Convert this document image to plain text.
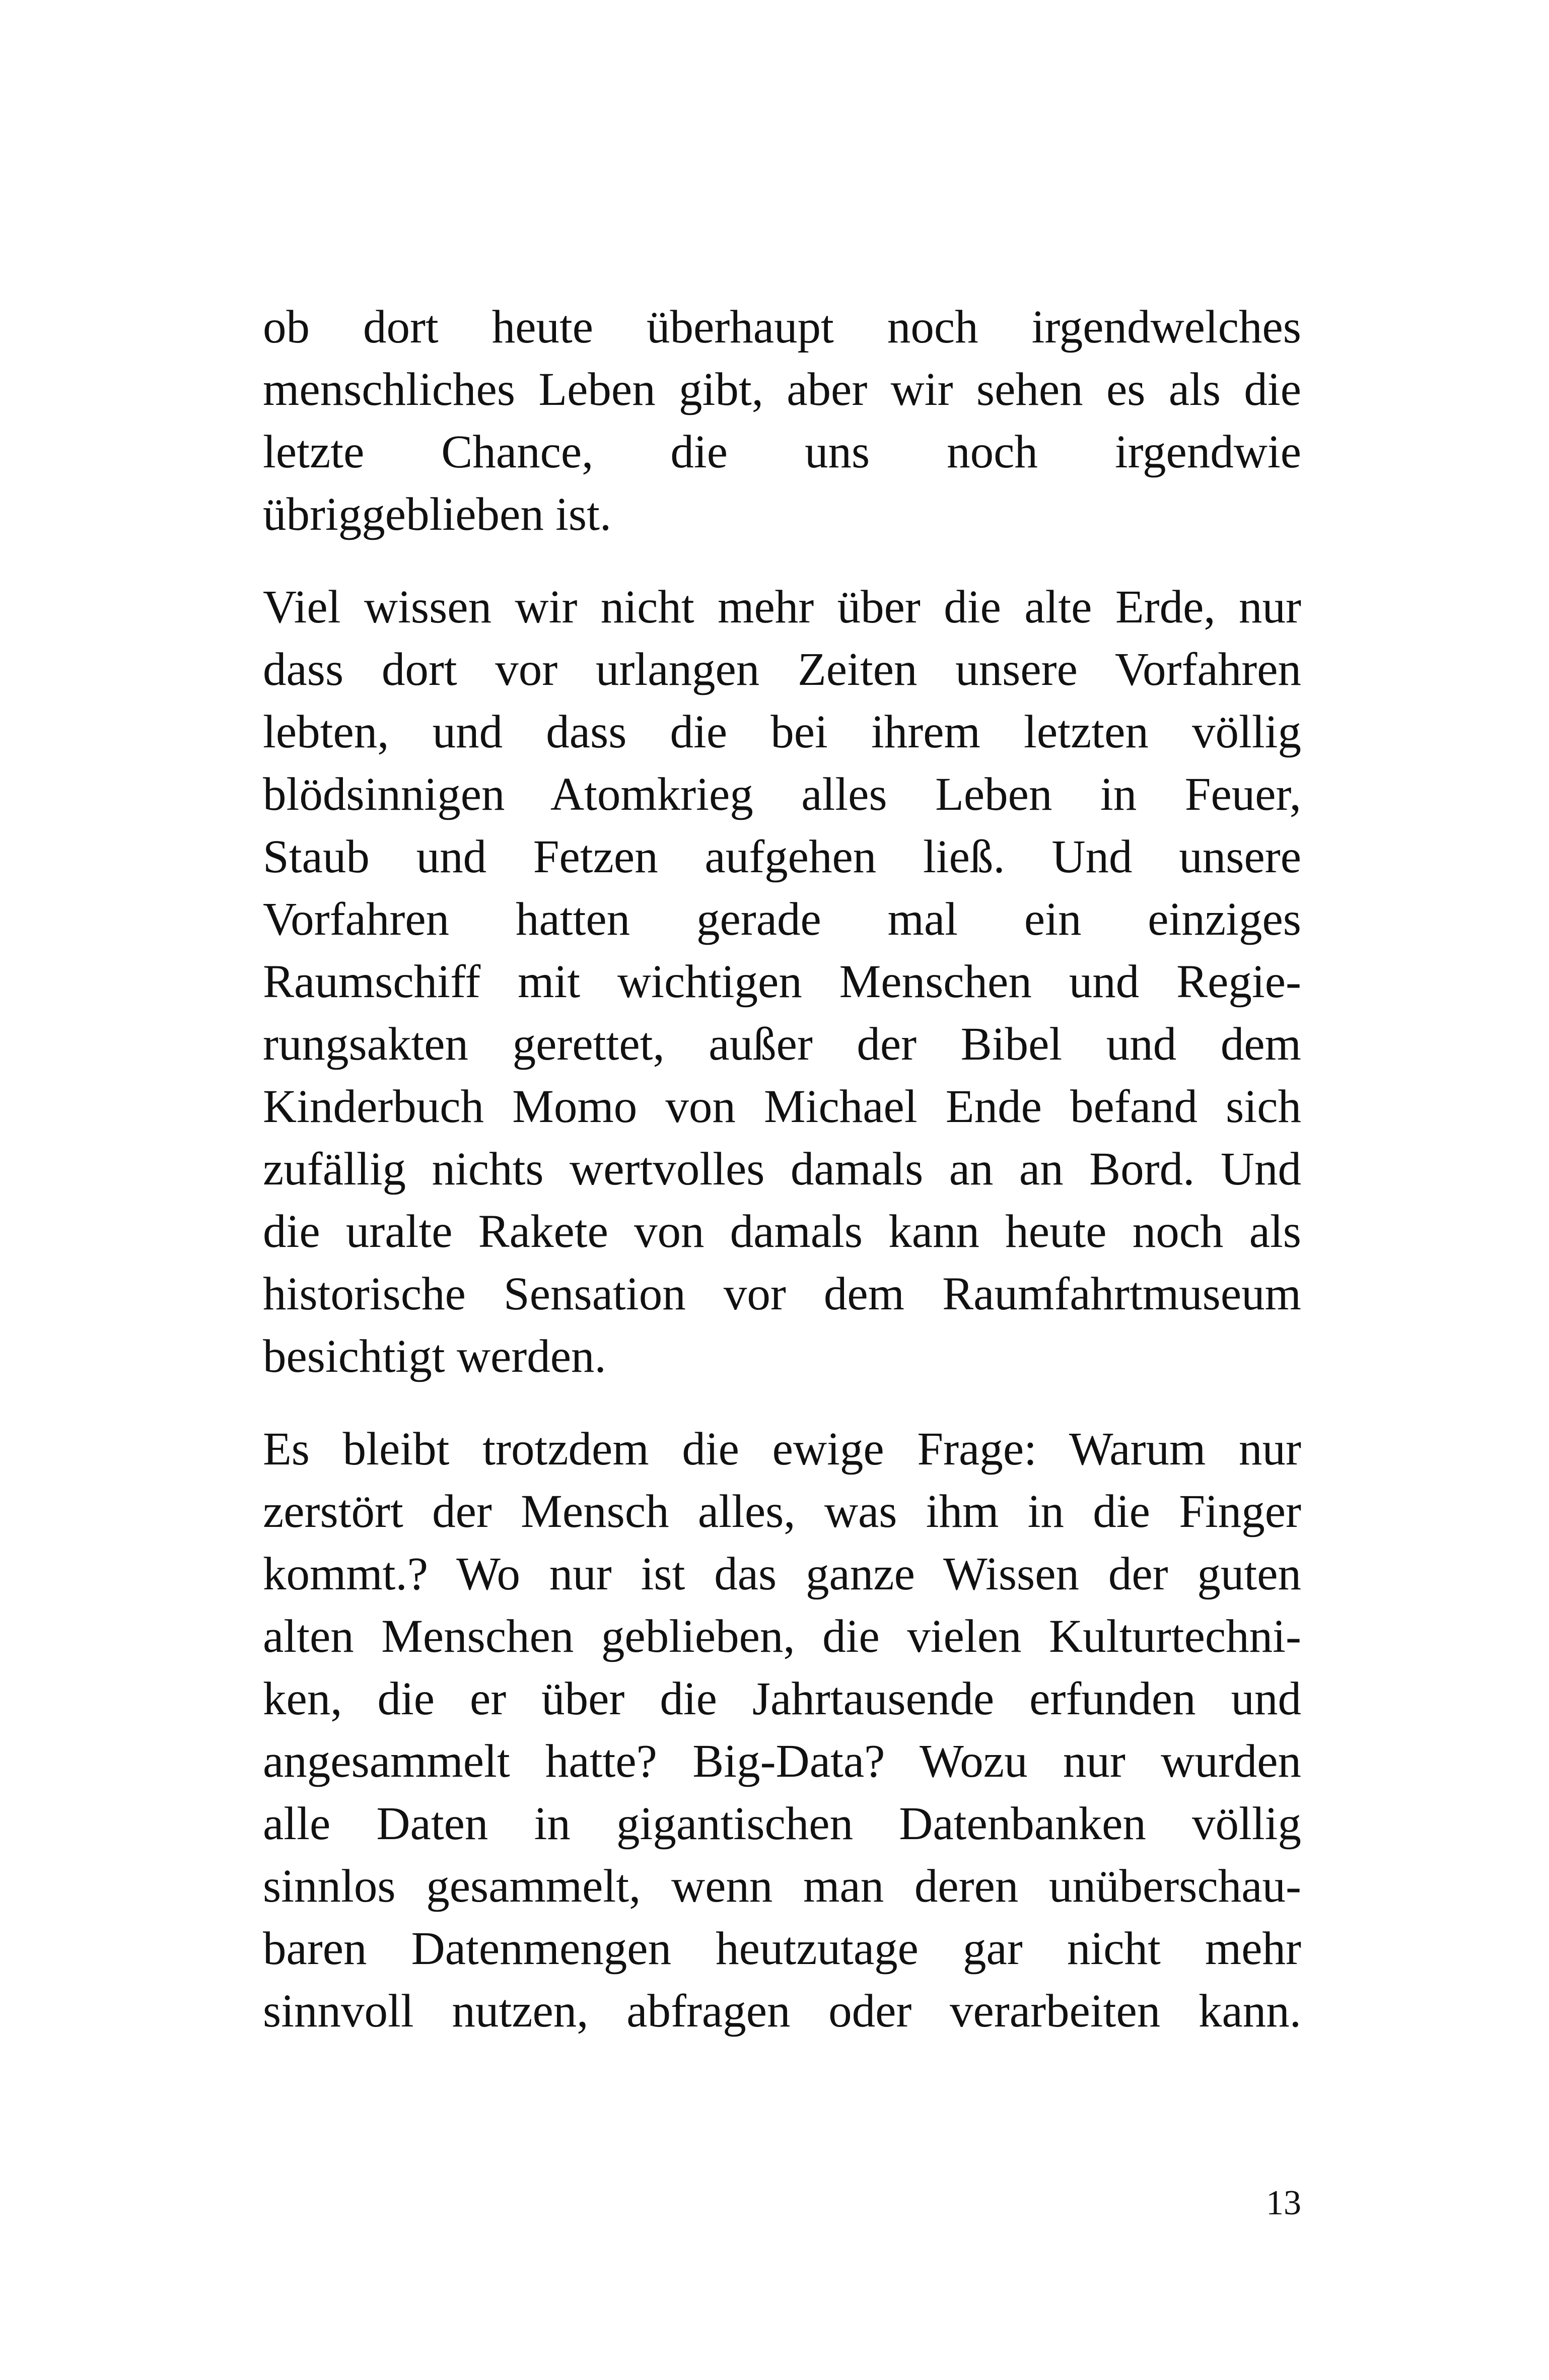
ob dort heute überhaupt noch irgendwelches
menschliches Leben gibt, aber wir sehen es als die
letzte Chance, die uns noch irgendwie
übriggeblieben ist.

Viel wissen wir nicht mehr über die alte Erde, nur
dass dort vor urlangen Zeiten unsere Vorfahren
lebten, und dass die bei ihrem letzten völlig
blödsinnigen Atomkrieg alles Leben in Feuer,
Staub und Fetzen aufgehen ließ. Und unsere
Vorfahren hatten gerade mal ein einziges
Raumschiff mit wichtigen Menschen und Regie-
rungsakten gerettet, außer der Bibel und dem
Kinderbuch Momo von Michael Ende befand sich
zufällig nichts wertvolles damals an an Bord. Und
die uralte Rakete von damals kann heute noch als
historische Sensation vor dem Raumfahrtmuseum
besichtigt werden.

Es bleibt trotzdem die ewige Frage: Warum nur
zerstört der Mensch alles, was ihm in die Finger
kommt.? Wo nur ist das ganze Wissen der guten
alten Menschen geblieben, die vielen Kulturtechni-
ken, die er über die Jahrtausende erfunden und
angesammelt hatte? Big-Data? Wozu nur wurden
alle Daten in gigantischen Datenbanken völlig
sinnlos gesammelt, wenn man deren unüberschau-
baren Datenmengen heutzutage gar nicht mehr
sinnvoll nutzen, abfragen oder verarbeiten kann.

13
